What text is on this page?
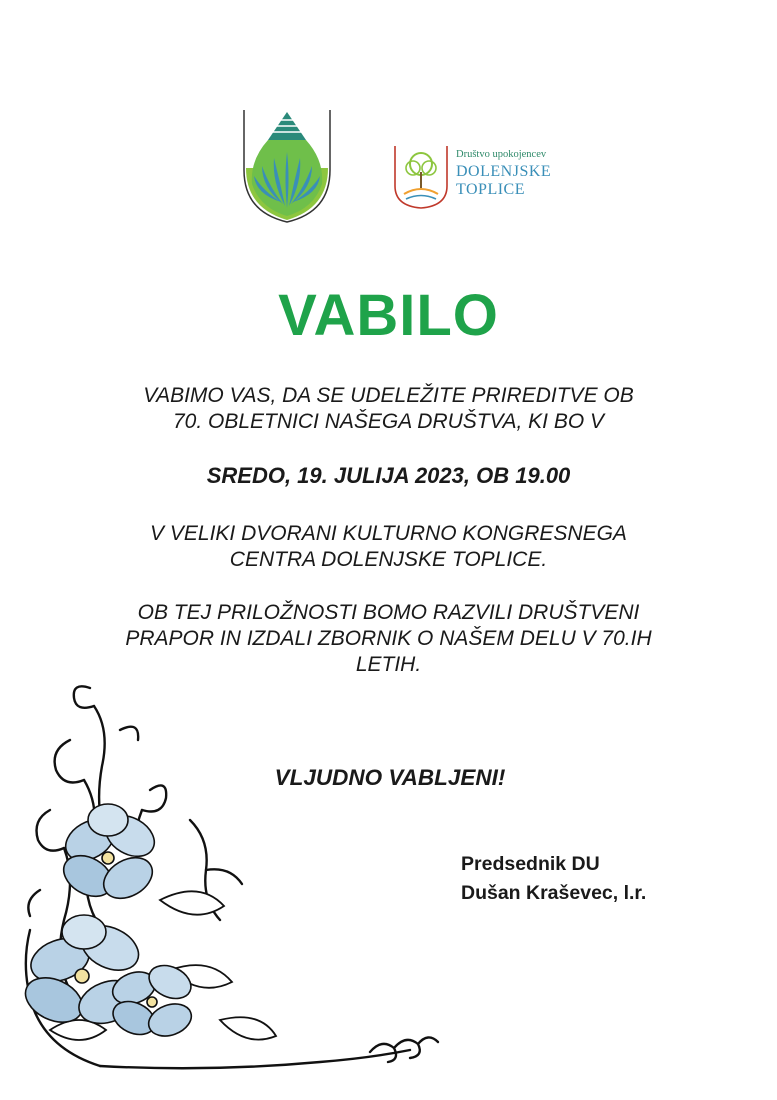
Društvo upokojencev
DOLENJSKE
TOPLICE
VABILO
VABIMO VAS, DA SE UDELEŽITE PRIREDITVE OB
70. OBLETNICI NAŠEGA DRUŠTVA, KI BO V
SREDO, 19. JULIJA 2023, OB 19.00
V VELIKI DVORANI KULTURNO KONGRESNEGA
CENTRA DOLENJSKE TOPLICE.
OB TEJ PRILOŽNOSTI BOMO RAZVILI DRUŠTVENI
PRAPOR IN IZDALI ZBORNIK O NAŠEM DELU V 70.IH
LETIH.
VLJUDNO VABLJENI!
Predsednik DU
Dušan Kraševec, l.r.
